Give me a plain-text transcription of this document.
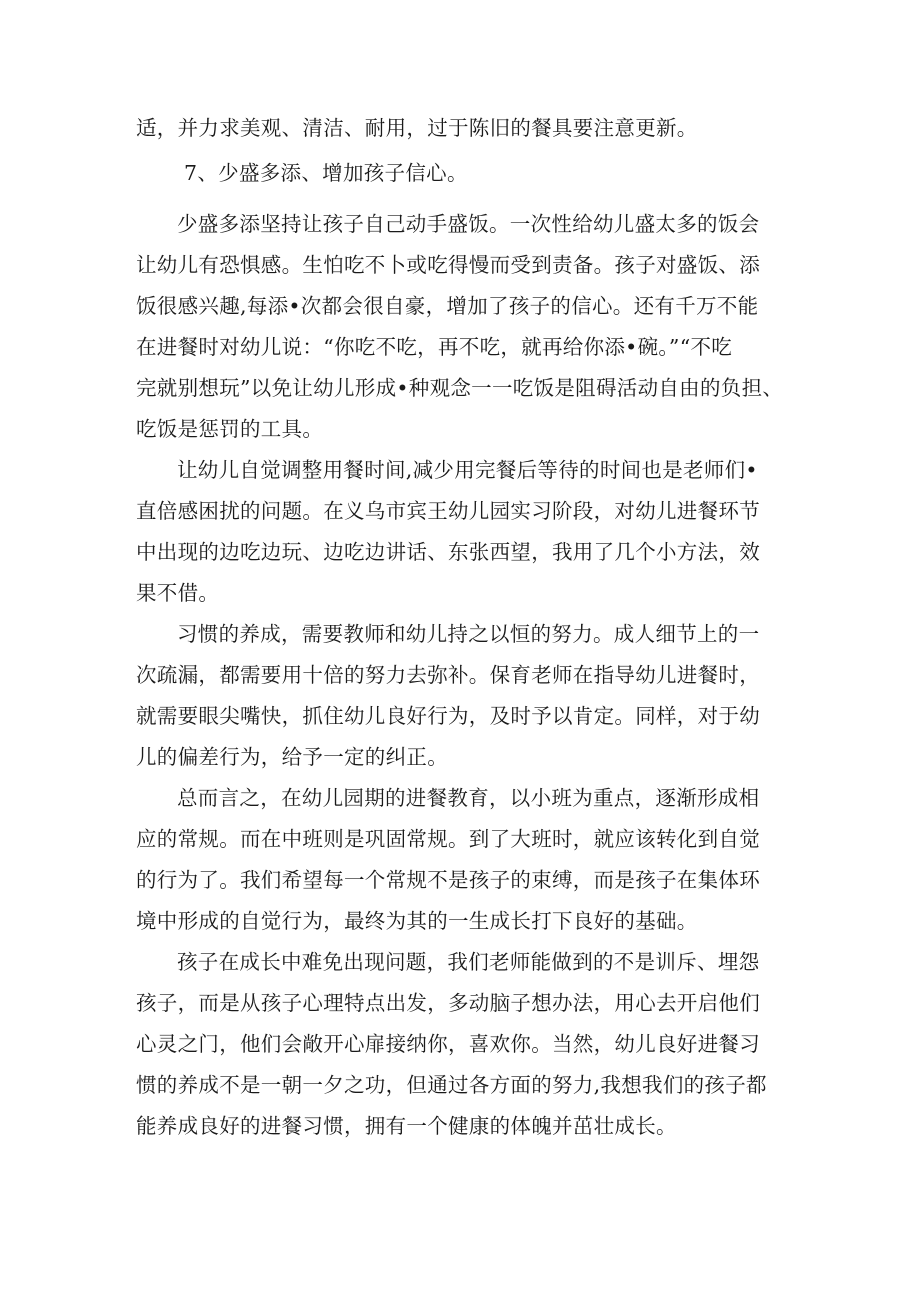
适，并力求美观、清洁、耐用，过于陈旧的餐具要注意更新。

7、少盛多添、增加孩子信心。

少盛多添坚持让孩子自己动手盛饭。一次性给幼儿盛太多的饭会
让幼儿有恐惧感。生怕吃不卜或吃得慢而受到责备。孩子对盛饭、添
饭很感兴趣,每添•次都会很自豪，增加了孩子的信心。还有千万不能
在进餐时对幼儿说：“你吃不吃，再不吃，就再给你添•碗。”“不吃
完就别想玩”以免让幼儿形成•种观念一一吃饭是阻碍活动自由的负担、
吃饭是惩罚的工具。

让幼儿自觉调整用餐时间,减少用完餐后等待的时间也是老师们•
直倍感困扰的问题。在义乌市宾王幼儿园实习阶段，对幼儿进餐环节
中出现的边吃边玩、边吃边讲话、东张西望，我用了几个小方法，效
果不借。

习惯的养成，需要教师和幼儿持之以恒的努力。成人细节上的一
次疏漏，都需要用十倍的努力去弥补。保育老师在指导幼儿进餐时，
就需要眼尖嘴快，抓住幼儿良好行为，及时予以肯定。同样，对于幼
儿的偏差行为，给予一定的纠正。

总而言之，在幼儿园期的进餐教育，以小班为重点，逐渐形成相
应的常规。而在中班则是巩固常规。到了大班时，就应该转化到自觉
的行为了。我们希望每一个常规不是孩子的束缚，而是孩子在集体环
境中形成的自觉行为，最终为其的一生成长打下良好的基础。

孩子在成长中难免出现问题，我们老师能做到的不是训斥、埋怨
孩子，而是从孩子心理特点出发，多动脑子想办法，用心去开启他们
心灵之门，他们会敞开心扉接纳你，喜欢你。当然，幼儿良好进餐习
惯的养成不是一朝一夕之功，但通过各方面的努力,我想我们的孩子都
能养成良好的进餐习惯，拥有一个健康的体魄并茁壮成长。
